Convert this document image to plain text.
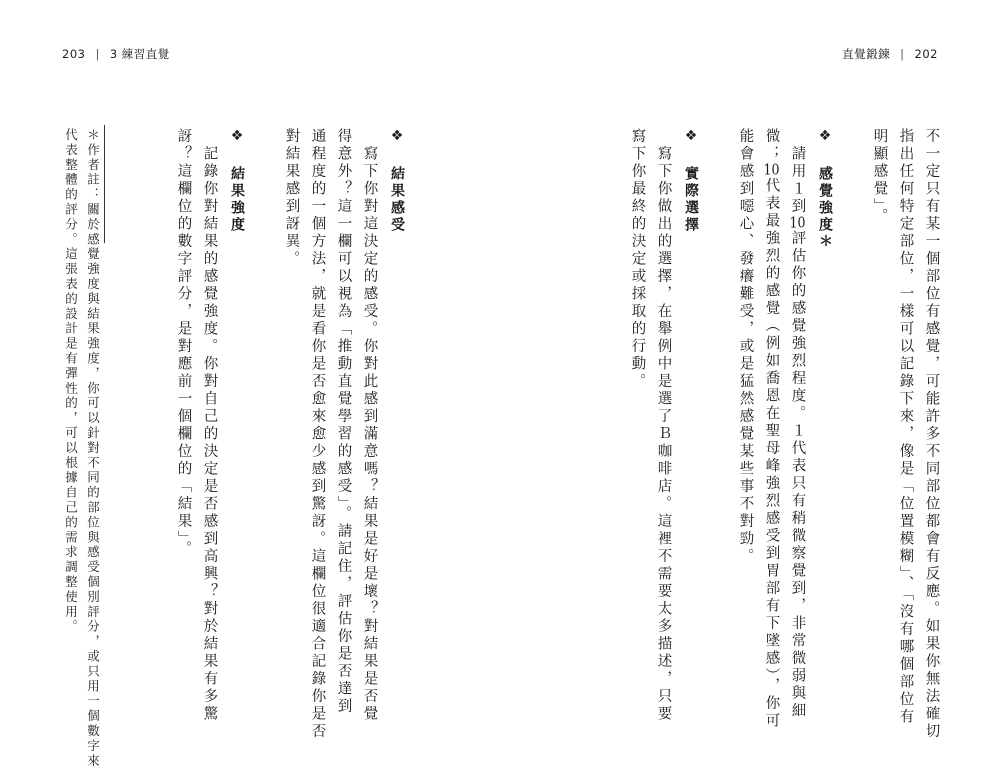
203 | 3 練習直覺	直覺鍛鍊 | 202
不一定只有某一個部位有感覺，可能許多不同部位都會有反應。如果你無法確切
指出任何特定部位，一樣可以記錄下來，像是「位置模糊」、「沒有哪個部位有
明顯感覺」。
❖ 感覺強度＊
　請用１到10評估你的感覺強烈程度。１代表只有稍微察覺到，非常微弱與細
微；10代表最強烈的感覺（例如喬恩在聖母峰強烈感受到胃部有下墜感），你可
能會感到噁心、發癢難受，或是猛然感覺某些事不對勁。
❖ 實際選擇
　寫下你做出的選擇，在舉例中是選了Ｂ咖啡店。這裡不需要太多描述，只要
寫下你最終的決定或採取的行動。
❖ 結果感受
　寫下你對這決定的感受。你對此感到滿意嗎？結果是好是壞？對結果是否覺
得意外？這一欄可以視為「推動直覺學習的感受」。請記住，評估你是否達到
通程度的一個方法，就是看你是否愈來愈少感到驚訝。這欄位很適合記錄你是否
對結果感到訝異。
❖ 結果強度
　記錄你對結果的感覺強度。你對自己的決定是否感到高興？對於結果有多驚
訝？這欄位的數字評分，是對應前一個欄位的「結果」。
＊作者註：關於感覺強度與結果強度，你可以針對不同的部位與感受個別評分，或只用一個數字來
代表整體的評分。這張表的設計是有彈性的，可以根據自己的需求調整使用。
